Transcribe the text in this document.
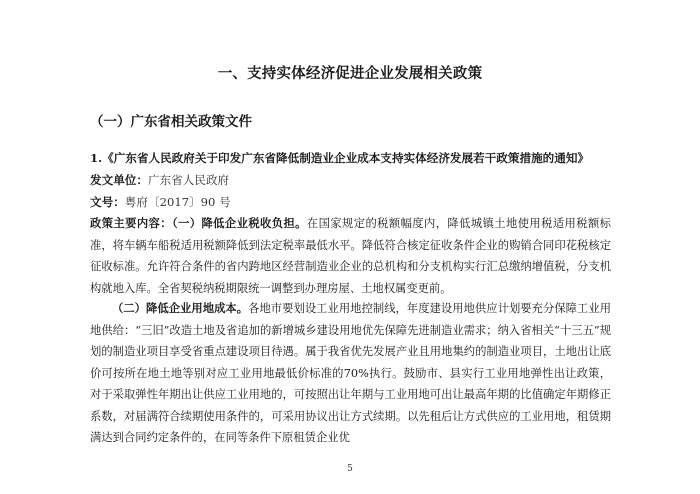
一、支持实体经济促进企业发展相关政策
（一）广东省相关政策文件
1.《广东省人民政府关于印发广东省降低制造业企业成本支持实体经济发展若干政策措施的通知》
发文单位：广东省人民政府
文号：粤府〔2017〕90 号
政策主要内容：（一）降低企业税收负担。在国家规定的税额幅度内，降低城镇土地使用税适用税额标准，将车辆车船税适用税额降低到法定税率最低水平。降低符合核定征收条件企业的购销合同印花税核定征收标准。允许符合条件的省内跨地区经营制造业企业的总机构和分支机构实行汇总缴纳增值税，分支机构就地入库。全省契税纳税期限统一调整到办理房屋、土地权属变更前。
（二）降低企业用地成本。各地市要划设工业用地控制线，年度建设用地供应计划要充分保障工业用地供给：“三旧”改造土地及省追加的新增城乡建设用地优先保障先进制造业需求；纳入省相关“十三五”规划的制造业项目享受省重点建设项目待遇。属于我省优先发展产业且用地集约的制造业项目，土地出让底价可按所在地土地等别对应工业用地最低价标准的70%执行。鼓励市、县实行工业用地弹性出让政策，对于采取弹性年期出让供应工业用地的，可按照出让年期与工业用地可出让最高年期的比值确定年期修正系数，对届满符合续期使用条件的，可采用协议出让方式续期。以先租后让方式供应的工业用地，租赁期满达到合同约定条件的，在同等条件下原租赁企业优
5
